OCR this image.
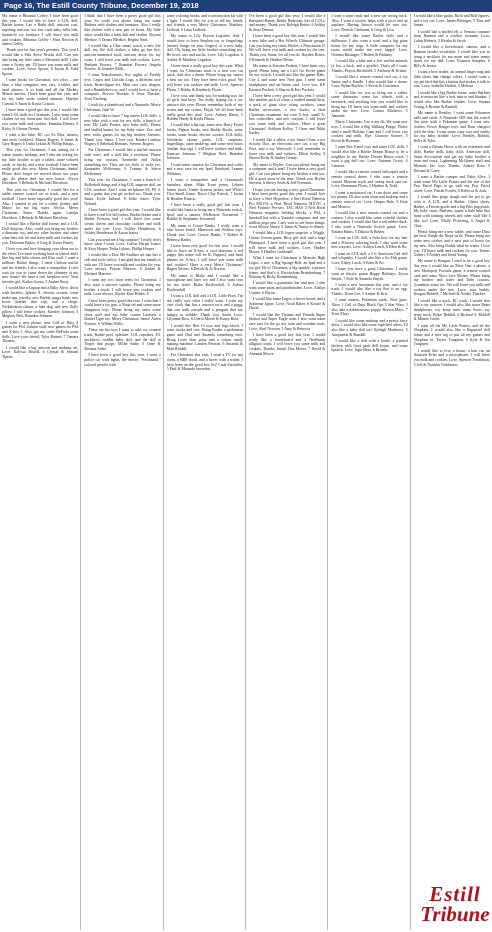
Page 16, The Estill County Tribune, December 19, 2018

My name is Rhianna Coffey. I have been good this year. I would like to have a LOL doll, Barbie house, Lav a Barbi doll, unicorn coat, anything unicorn, toy bar, cash baby bells bob, furamicle toy furniture. I will leave you milk and cookies. Rhianna Coffey / Shea Newton & James Coffey.

Thank you for last year's presents. This year I would like a Fabi Steve Nivida doll. Can you also bring my little sister a Mermaid doll? I also want a Twisty pet. I'll leave you some milk and cookies. Love, Sevia Spoon, 6 Justin & Todd Spoon.

I want books for Christmas, two rolos – one blue, a blue computer, new cars, a tablet, and head phones. A xs bank and all the Mickey Mouse movies. I have been good this year, and for my baby sister stuffed animals. Haydyn Conrad, 6 Jason & Kayla Conrad.

I have been a good girl this year. I would like some LOL dolls for Christmas. I also want some clothes for my American Girl doll. I will leave you some milk and cookies. Emmlaa Dennis, 6 Ricky & Gleana Dennis.

I want a dirt bike, RC car, Ex Max, drones, and races (cookies). Mason Rogers, 6 James & Gary Rogers 6 Tosha Lykins & Phillip Hargus.

This year for Christmas, I am asking for a slime, ponies, makeup, and I also am asking for my little brother to get a tablet, some colored cards, or trucks, and a new football. I have been really good this year. Merry Christmas, Santa! Please don't forget we moved about two years ago. So please find our new house. Alyvia Davidson, 5 Belinda & Michael Davidson.

This year for Christmas, I would like for a tablet, remote control car or truck, and a new football. I have been especially good this year! Also, I wanted to ask for a toblet, ponies, and Mateo for my big sister. Alyvia. Merry Christmas, Santa. Thanks again. Landyn Davidson, 5 Belinda & Michael Davidson.

I would like a Barbie doll house, and a LOL Doll Surprise. Also, could you bring my brother a dinosaur toy, and my other brother and sister what they ask for and leave milk and cookies for you. Delorean Bailey, 6 Greg & Tonya Bailey.

I love you and love bringing your ideas out to the elves. I've been working hard at school and I like big and little sisters and Elsa stuff. I want a millions Barbie things. I need Chelsea outfits and her friends. I also want a trampoline. I can't wait for you to come down the chimney at my new house! We have a real fireplace now! Your favorite girl, Kailea Goens, 5 Amber Story.

I would like a Laptop and a Baby Alive, shirts with hoodies, Iphone X, electric scooter, some make-ups, jewelry, new Barbie, piggy bank, new boots (leather that zip), and a sleigh. Nickelodeon slimes, a fake dog, and new fluffy pillow. I will leave cookies. Kaesley Johnson, 5 Meghan Neel, Brandon Johnson.

I want a new phone, new Call of Duty 4 games for PS4, fortnite stuff, new games for PS4 and X-box 1. Also, get my cattle ReFrida some dolls. Love your friend, Tyler Barnes, 7 Tamara Thomas.

I would like a big unicorn and makeup set. Love, Kalyssa Bissell, 6 Crystal & Samuel Tipton.

I think that I have been a pretty good girl this year. So could you please bring me some Barbies with clothes and furniture. Also I really like clothes with a new pair of boots. My little sister would like a baby doll and clothes. Shyann Bledsoe, 5 Donny Bledsoe, Regina Neal.

I would like a Uber smart watch, a new life doll, my life doll clothes, a baby go bye bye, unicorn-animated stuff, unicorn decor for my room. I will leave you milk and cookies. Love, Raelynn Powers, 7 Brandon Powers, Angela Powers, & Jennifer Mills.

I want Transformers, five nights of Freddy toys, Legos and Lincoln Logs, a different race track, Bruhl-figure set, Mini race cars, dragon, and a Bumblebee toy, and I would love to have a computer. Bryson Thacker, 6 Jesse Thacker, Scott Farthing.

I wish for a skateboard and a Nintendo. Merry Christmas, Jude W.

I would like to have 7 big sisters LOL dolls, a new bike with a seat for my dolls, a bunch of new My Little Ponies, new baby dolls. Please and stuffed bunny for my baby sister, Zoe, and new video games for my big brother, Stevens. Thank you, Santa. I love you. Kindra Lindsay Rogers, 6 Rebekah Romans, Stevens Rogers.

For Christmas, I would like a stuffed unicorn with scarf, and a doll like a newborn. Please bring my cousins, Kennedie and Nolan something too. They are too little to write yet. Kennadee McKenney, 6 Tommy & Sierra McKenney.

This year for Christmas, I want a bunch of Rollerball things and a big LOL surprise doll, an LOL condom. And I want an Iphone 6S, PS 4, and a game that you get rocked too. Thank you, Santa. Kylie Irnland, 8 Jodie Jones, Tyler Noland.

I have been a good girl this year. I would like to have a real life doll nebot, Barbie dream and a Barbie Princess bed. I will leave you some cream cheese and chocolate cookies and milk under the tree. Love, Ashley Henderson, 6 Ashley Henderson & Aaron Isaacs.

Can you send me a big surprise? I really don't know what I want. Love, Colton Harper Isaacs & Kory Harper Tosha Lykins, Phillip Harper.

I would like a Dior Me-Stuffins set that has a crib and tools with it. I am glad that my family is with me. I'll leave you milk and cookies for you. Love always, Peyton Marrero, 6 Jordan & Michael Marrero.

I want my two front teeth for Christmas. I also want a unicorn squishy. Please bring my brother a truck. I will leave you cookies and milk. Love always, Brylee Kate Hobbs, 6

I have been pretty good this year. I wish that I could have a toy gun, a Ninja set and some more Imaginext toys. Please bring my sister some clues stuff and my baby cousin Lindsela a Daniel Tiger toy. Merry Christmas, Santa! Aiden Poynter, 6 Willam Willis.

These are the toys I want to add, rcr, cement truck, Barbie pool, splashee, LOL cupcakes, EY necklaces, toddler baby doll, and the doll at Target that poops. Millie Sadie, 5 Gene & Deanna Sadie.

I have been a good boy this year. I want a police car with lights, the movie, "Ferdinand," colored pencils with

some coloring books, and a construction kit with a light. I would like for you to tell my family and friends a very Merry Christmas. Matthew Ledford, 6 Lana Ledford.

My name is Lily Peyton Logsdon. And I would love to have Stephen toy or fingerlings (money hangs on your fingers) or a new baby doll. Oh, bring my little brother something too. He loves cars and trucks. Love, Lily Logsdon, 6 Ashley & Matthew Logsdon.

I have been a really good boy this year. What I want for Christmas most is a new tow car truck. And also a drone. Please bring my sisters a new toy too. They have been extra good. We will leave you cookies and milk. Love, Spencer Flynn, 5 Bobby & Kimberly Flynn.

I love you, and thank you for making toys for all girls and boys. I'm really hoping for a toy unicorn this year. Please remember both of my sisters and my cousin, Elijah. We all have been really good this year! Love, Aubrey Hardy, 5 Holden Hardy & Kayla Flinan.

I would like a lap top, some new Harry Potter books, Pigeon books, new Buddy Books, some books, some books, electric scooter, LOL dolls, Scholastic skinny pants, LOL surprises, fingerlings, some make-up, and some new boots (leather that zip). I will leave cookies and milk. Kamryn Johnson, 7 Meghan Neel, Brandon Johnson.

I want some surprise for Christmas and crafts and a new case for my Ipad. Reinhard, Leanne Williams.

I want a trampoline and a Guacamole Smasher, slime, Mike Tront jersey, Lebron James shoes, Under Armour jacket, and What's That Smell Game. Bryce Clay Patrick, 7 Justin & Heather Patrick.

I have been a really good girl this year. I would like Santa to bring me a Nintendo switch, Ipod, and a camera. McKenzie Townsend, 7 Robbie & Stephanie Townsend.

My name is Gracie Banks. I really want a blue hover board, Minecraft and Roblox toys. Thank you. Love, Gracie Banks, 7 Robert & Rebecca Banks.

I have been very good for this year. I would like to have an X-box, a cool dinosaur, a red puppy (his name will be R. Fuppus), and head phones for X-box. I will leave you some milk and cookies! Have a very Merry Christmas! Hagen Nevins, 6 Derick & Jo Norton.

My name is Blake and I would like a microphone and laser toy and I also want toys for my sister. Blake Kuykendall, 6 Joshua Kuykendall.

I want a LOL doll and a LOL Little Pony. I'm not really sure what I really want. I want my own clock that has a unicorn on it and a piggy that can walk outside and a penguin that say hungry to wobble. Thank you, Santa. Love, Lilyanna Ross, 6 Cierra Moore & Kasey Ross.

I would like Ben 10 toys and lego block, I want trucks and cars. Bring Kaden a spiderman game and Dad and Amanda something nice. Bring Lexie blue pony and a cotton candy making machine. Landen Newton, 6 Amanda & Matt Riddell.

For Christmas this year, I want a TV for my room, a BB8 droid, and a hover with a trailer. I have been on the good boy list! Cade Snowden, 5 Paul & Miranda Snowden.

I've been a good girl this year. I would like a Barnyard Bunny, Bobby Bedroom, lots of LOLs, and money. Thank you. Ryleigh Bettes, 6 Ashley & Jesse Deaton.

I have been a good boy this year. I would like a new bike and a Hot Wheels Ultimate garage. Can you bring my sister, Brylee, a Playstation 4? We will leave you milk and cookies by the tree. Thank you, Santa, for all you do. Hayden Bettes, 6 Kenneth & Heather Bettes.

My name is Karsten Puckett, I have been very good. Please bring me a Let's Go Eevee game for my switch, I would also like the games Halo, City 2 and some new Nerf gun. I need some headphones and an Itunes card. Love you, KP. Karsten Puckett, 6 Sharon & Eric Puckett.

I have been a very good girl this year. I would like another pack of slime, a stuffed animal kitty, a pack of giant slow rising swishies, some Barbie accessories, a few books, a blue Christmas ornament, my own X-box, small X-box controllers, and new crayons. I will leave you some milk and cookies. Have a great Christmas! Ashlynn Kelley, 7 Gene and Nikki Kelley.

I would like a tablet, a toy Santa Claus, a toy Scooby Doo, an electronic race car, a toy Big Foot, and a toy Werewolf. I will remember to leave you milk and cookies. Elliott Kelley, 8 Shawn Kirby & Amber Gentry.

My name is Brylee. Can you please bring me a computer and a tent? I have been a very good girl. Can you please bring my brother a tent too. He is good most of the time. Thank you. Brylee Stevens, 6 Sherry Seals & Jeff Freeman.

I hope you are having a very good Christmas. I have been pretty good this year. I would love to have a Nerf Hyperfire, a Nerf Rival Nemesis Pro MXVII, a Nerf Rival Nemesis MXVII, a Nerf Fortnite Pre-sets. TAC HAS 4 Nerf Rival Nemesis magnetic holding blocks, a PS4, a baseball bat with a Youtube computer, and one million pogo-pen. Can't wait to see those things. Jovia Moore Abney, 6 Justin & Nancy Jo Abney.

I would like a LOL hyper surprise, a Wiggle, Gizmo Groom game, Bitsy girl doll, and a huge Pikmipool. I have been a good girl this year. I will leave milk and cookies. Love, Hadley Moses, 6 Heather Goldsnell.

What I want for Christmas is Monster High Legos, a tree, a Big Sponge Bob, an Ipad and a toy girl Elf of Christmas, a big sparkle, a picture frame, and that's it. Brookelynn Brandenburg, 7 Brittany & Ricky Brandenburg.

I would like a gymnastic bar and mat. I also want some paint and paintbrushes. Love, Adalyn Conner, 6 Bryan.

I would like some Legos, a hover board, and a Sapienna figure. Love, Noah Baker, 6 Kristie & David.

I would like the Thomas and Friends Super Station and Super Eagle train. I also want some race cars for the go my train and wooden track. Love, Abel Newton, 5 Amy & Rebecca.

I have been a good boy this year. I would really like a hoverboard and a Nerfbomb alligator truck. I will leave you some milk and cookies. Thanks, Santa! Dax Moore, 7 David & Amanda Moore.

I want a train track and a new car racing track. Also, I want a scooter helps with a racer and an airplane. Having Saturn would be nice too. Love, Derrick Chrisman, 6 Greg & Lisa.

I would like some Barbie dolls and a dollhouse. I also want a scarf and a big giant house for my dogs. A little computer for my room would make me very happy! Love, Gemma Bitsinger, 5 Robert & Bethany.

I would like a bike and a few stuffed animals (a fox, a duck, and a giraffe). That's all I want. Thanks, Peyton Birchfield, 5 Anthony & Kristin.

I would like a remote control race car, a toy Santa, and a Kindle. I also would like a drone. Love, Rylan Bayless, 5 Kevin & Constance.

I would like for you to bring me a tablet, some dinosaurs, some hot wheels with a racetrack, and anything else you would like to bring me. I'll leave you some milk and cookies under the tree. Love, Connor Mathews, 5 Amanda.

Merry Christmas. Got is my dh. We want new toys. I would like a Big Walking Puppy. Please send a small Holiday Cane and I will leave you cookies and milk. Bye. Grayson Stoeser, 5 Kevin & Roxanne.

I want Paw Patrol toys and some LOL dolls. I would also like a Barbie Dream House to be a neighbor to my Barbie Dream House truck. I want a pig doll too. Love, Autumn Covey, 6 Leonora.

I would like a remote control helicopter and a remote control drone. I also want a remote control Monster truck and racing truck and car. Love, Bentzmen Flynn, 5 Heather & Todd.

I want a motorized car. I can drive and some toy planes. I'll also want some nail makeup and a remote control car. Love, Harper Hale, 6 Kent and Monica.

I would like a new remote control car and a camera. I also would like some colorful clothes and cookies. I would also like a red rubber duck. I also want a Nintendo Switch game. Love, Tiziana Hains, 5 Dakota & Bobby.

I want an LOL doll, a Sofa bow for my hair and a Princess coloring book. I also want some new crayons. Love, Ashlyn Lasch, 6 Eden & Bo.

I want an LOL doll, a 5 ft American Girl doll and a Squishy. I would also like a Go Fish game. Love, Elsley Lasch, 6 Eden & Bo.

I hope you have a great Christmas. I really want an electric guitar Happy Holidays. Tyson Smyth, 7 Kyle & Amanda Smyth.

I want a new snowman this year, and a toy truck. I would also like a toy that is an egg. Thanks. Kiree Lee, 5 Amber & Kris.

I want money, Pokemon cards, Nerf guns, Xbox 1 Call of Duty Black Ops 5 Star Wars. I also take a dabbersaurus puppy. Bryson Mays, 7 Traci Mays.

I would like some makeup and a pretty furry dress. I would also like some high heel shoes. I'd also like a baby doll too! Ryleigh Matthews, 5 Annjanette & Randall.

I would like a doll with a bottle, a painted kitchen with food, pink doll house, and some lipstick. Love, Isgia Beys, 6 Brenda.

I would like a blue guitar, Rock and Roll figures, and a toy cat. Love, James Pittenger, 5 Tina and James.

I would like a stuffed elf, a Ventura costume from Batman and a cowboy costume. Love, Lukas Roberts, 5 Keisha & Jacob.

I would like a hoverboard, camera, and a Batman hoodie sweatshirt. I would like you to bring a necklace for my mom and some tennis shoes for my dad. Love, Kamryn Samples, 6 Billy & Jenica.

I want a bow maker, an animal finger ring and little shoes that change colors. I would want a toy pet bird that has a button that makes it talk to you. Love, Isabella Shiffett, 5 Melissa.

I would like a big Barbie house, some Barbies and accessories like a bed, mirror and blanket. I would also like Barbie clothes. Love, Savana Young, 6 Brooke & Randall.

My name is Bentley. I want some Pokemon balls and cards. A Nintendo 3DS that the switch this time with a Pokemon game. I want new clothes, Power Ranger toys, and Dino chargers with the dino. I want some copy toys and outfits for my baby brother. Love, Bentley Riddell, Kelly & Tyler.

I want a Dream Horse with an extension and slide, Barbie dolls, baby dolls, American doll, Santa decorations and get my baby brother a train and truck. Lightening McQueen stuff and Monster, Inc. toys. Thanks. Aubrey Ross, 5 Destina & Casey.

I want a Barbie camper and Baby Alive. I want some My Little Ponies and the rest of the Paw Patrol Pups to go with my Paw Patrol tower. Love, Farrah Fowler, 6 Rebecca & Josh.

I would like glogs dough and the pet to go with it. A LOL and a Barbie. Glitter shoes, Barbie, a Frozen goods and a big Piks pup plush. My baby sister, Raelynn, wants a little bike like mine with training wheels and other stuff like I like too! Love, Molly Pickering, 6 Angel & Clint.

Please bring me a new tablet, and some Dino pet bear. Ralph the Ninja turtle. Please bring me some new clothes and a new pair of boots for my new. Also bring Daddy what he wants. I love you. I'll leave milk and cookies for you. Tanner Gilbert, 8 Ashley and Jerad Young.

My name is Keagan. I tried to be a good boy this year. I would like an Xbox One, a phone, a new Monopoly Fortnite game, a remote control card and some Xbox Live Money. Please bring my brother and sister and little cousins, Grandmas some too. We will leave you milk and cookies under the tree. Love, your buddy, Keagan Riddell, 7 Michael & Ashley Thacker.

I would like a truck, RC truck. I would also like a toy unicorn. I would also like some Beats headphones, toy army men, army boots, toy army truck. Ryker Riddell, 6 Richard S. Riddell & Minnie Green.

I want all the My Little Ponies, and all the Shopkins. I would also like a Rapunzel doll house and a nice tog to put all my games and Shopkins in. Taylor Tungsten, 5 Kyle & Jen Tungsten.

I would like to love a house, a hair car, an Amazon Echo and a microphone. I will leave you milk and cookies. Love, Spencer Tomlinson, 5 Jeff & Natasha Tomlinson.

Estill
Tribune
